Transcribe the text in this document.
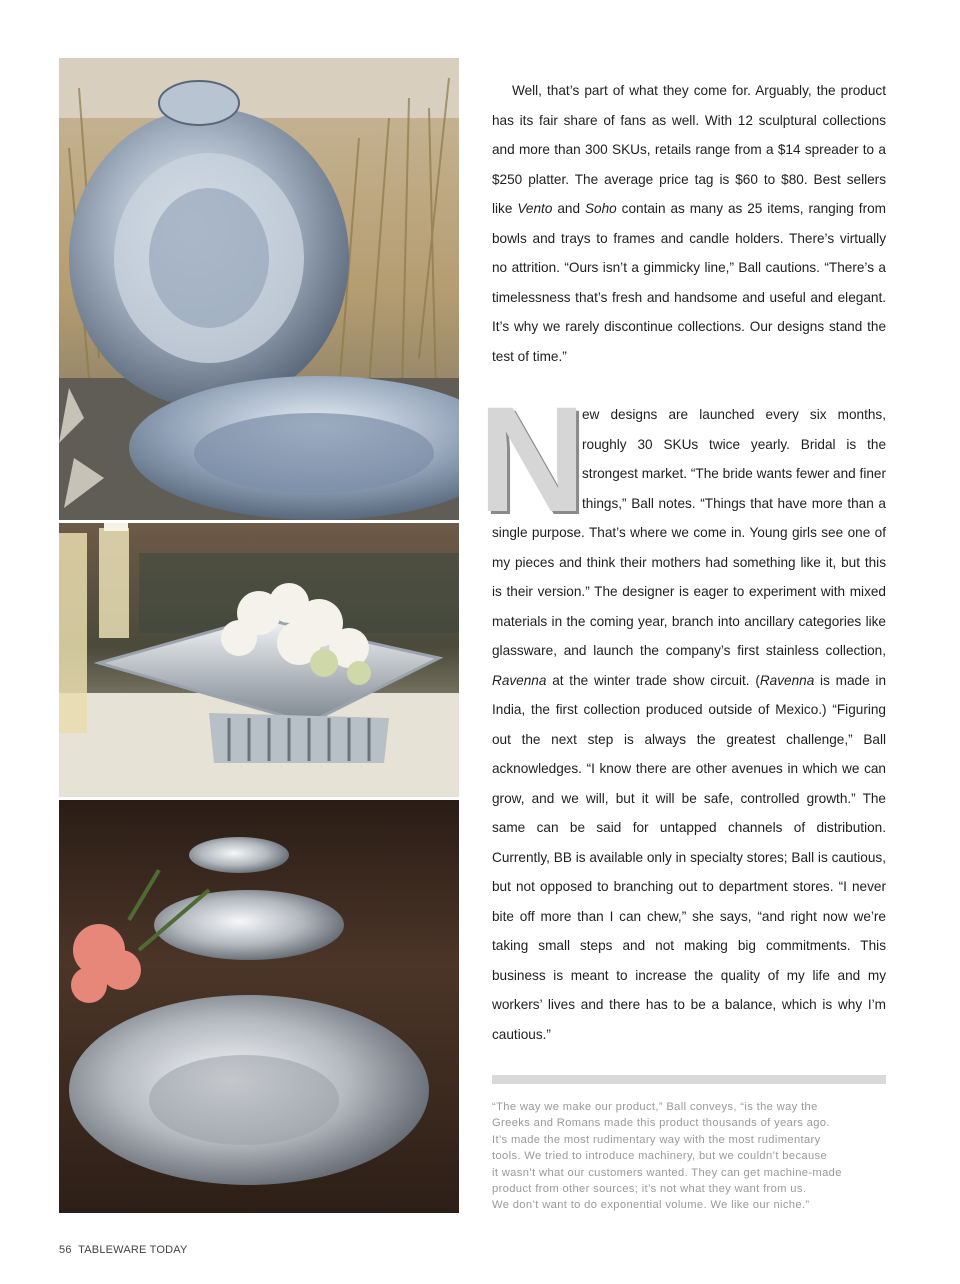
Well, that’s part of what they come for. Arguably, the product has its fair share of fans as well. With 12 sculptural collections and more than 300 SKUs, retails range from a $14 spreader to a $250 platter. The average price tag is $60 to $80. Best sellers like Vento and Soho contain as many as 25 items, ranging from bowls and trays to frames and candle holders. There’s virtually no attrition. “Ours isn’t a gimmicky line,” Ball cautions. “There’s a timelessness that’s fresh and handsome and useful and elegant. It’s why we rarely discontinue collections. Our designs stand the test of time.”

N

ew designs are launched every six months, roughly 30 SKUs twice yearly. Bridal is the strongest market. “The bride wants fewer and finer things,” Ball notes. “Things that have more than a single purpose. That’s where we come in. Young girls see one of my pieces and think their mothers had something like it, but this is their version.” The designer is eager to experiment with mixed materials in the coming year, branch into ancillary categories like glassware, and launch the company’s first stainless collection, Ravenna at the winter trade show circuit. (Ravenna is made in India, the first collection produced outside of Mexico.) “Figuring out the next step is always the greatest challenge,” Ball acknowledges. “I know there are other avenues in which we can grow, and we will, but it will be safe, controlled growth.” The same can be said for untapped channels of distribution. Currently, BB is available only in specialty stores; Ball is cautious, but not opposed to branching out to department stores. “I never bite off more than I can chew,” she says, “and right now we’re taking small steps and not making big commitments. This business is meant to increase the quality of my life and my workers’ lives and there has to be a balance, which is why I’m cautious.”

“The way we make our product,” Ball conveys, “is the way the
Greeks and Romans made this product thousands of years ago.
It’s made the most rudimentary way with the most rudimentary
tools. We tried to introduce machinery, but we couldn’t because
it wasn’t what our customers wanted. They can get machine-made
product from other sources; it’s not what they want from us.
We don’t want to do exponential volume. We like our niche.”
56 TABLEWARE TODAY
